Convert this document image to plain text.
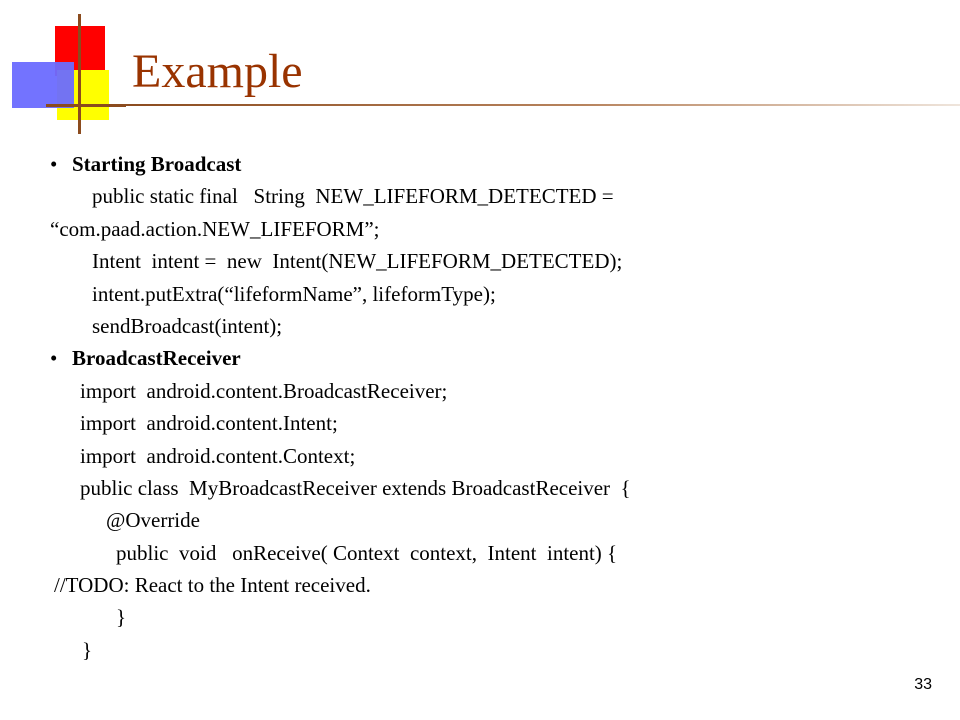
Example
• Starting Broadcast
public static final   String  NEW_LIFEFORM_DETECTED =
“com.paad.action.NEW_LIFEFORM”;
Intent  intent =  new  Intent(NEW_LIFEFORM_DETECTED);
intent.putExtra(“lifeformName”, lifeformType);
sendBroadcast(intent);
• BroadcastReceiver
import  android.content.BroadcastReceiver;
import  android.content.Intent;
import  android.content.Context;
public class  MyBroadcastReceiver extends BroadcastReceiver  {
@Override
public  void   onReceive( Context  context,  Intent  intent) {
//TODO: React to the Intent received.
}
}
33
